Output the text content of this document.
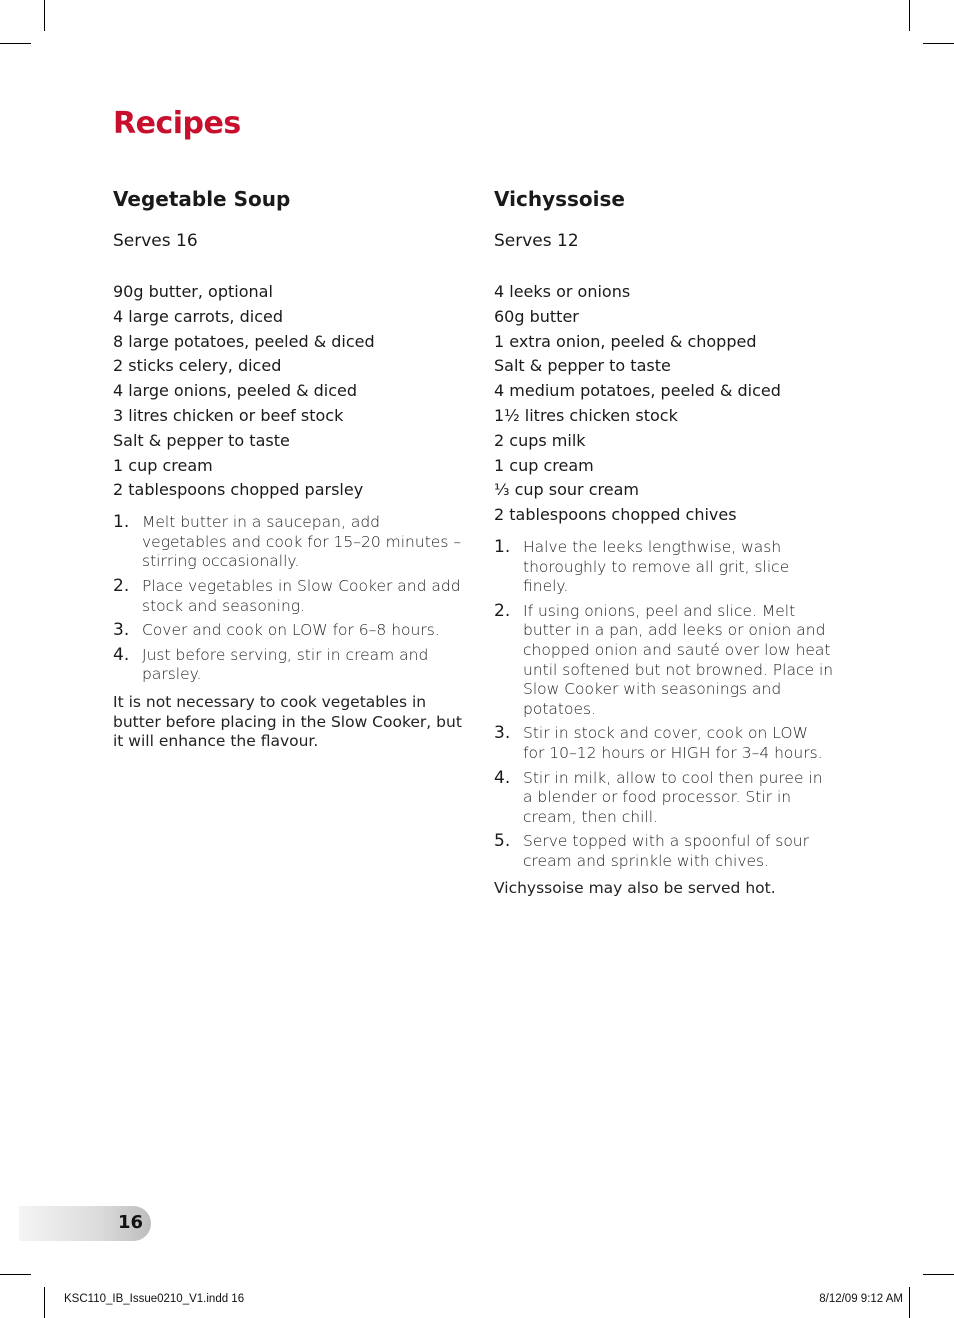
Recipes
Vegetable Soup
Serves 16
90g butter, optional
4 large carrots, diced
8 large potatoes, peeled & diced
2 sticks celery, diced
4 large onions, peeled & diced
3 litres chicken or beef stock
Salt & pepper to taste
1 cup cream
2 tablespoons chopped parsley
1. Melt butter in a saucepan, add vegetables and cook for 15–20 minutes – stirring occasionally.
2. Place vegetables in Slow Cooker and add stock and seasoning.
3. Cover and cook on LOW for 6–8 hours.
4. Just before serving, stir in cream and parsley.

It is not necessary to cook vegetables in butter before placing in the Slow Cooker, but it will enhance the flavour.

Vichyssoise
Serves 12
4 leeks or onions
60g butter
1 extra onion, peeled & chopped
Salt & pepper to taste
4 medium potatoes, peeled & diced
1½ litres chicken stock
2 cups milk
1 cup cream
⅓ cup sour cream
2 tablespoons chopped chives
1. Halve the leeks lengthwise, wash thoroughly to remove all grit, slice finely.
2. If using onions, peel and slice. Melt butter in a pan, add leeks or onion and chopped onion and sauté over low heat until softened but not browned. Place in Slow Cooker with seasonings and potatoes.
3. Stir in stock and cover, cook on LOW for 10–12 hours or HIGH for 3–4 hours.
4. Stir in milk, allow to cool then puree in a blender or food processor. Stir in cream, then chill.
5. Serve topped with a spoonful of sour cream and sprinkle with chives.

Vichyssoise may also be served hot.

16
KSC110_IB_Issue0210_V1.indd 16	8/12/09 9:12 AM
